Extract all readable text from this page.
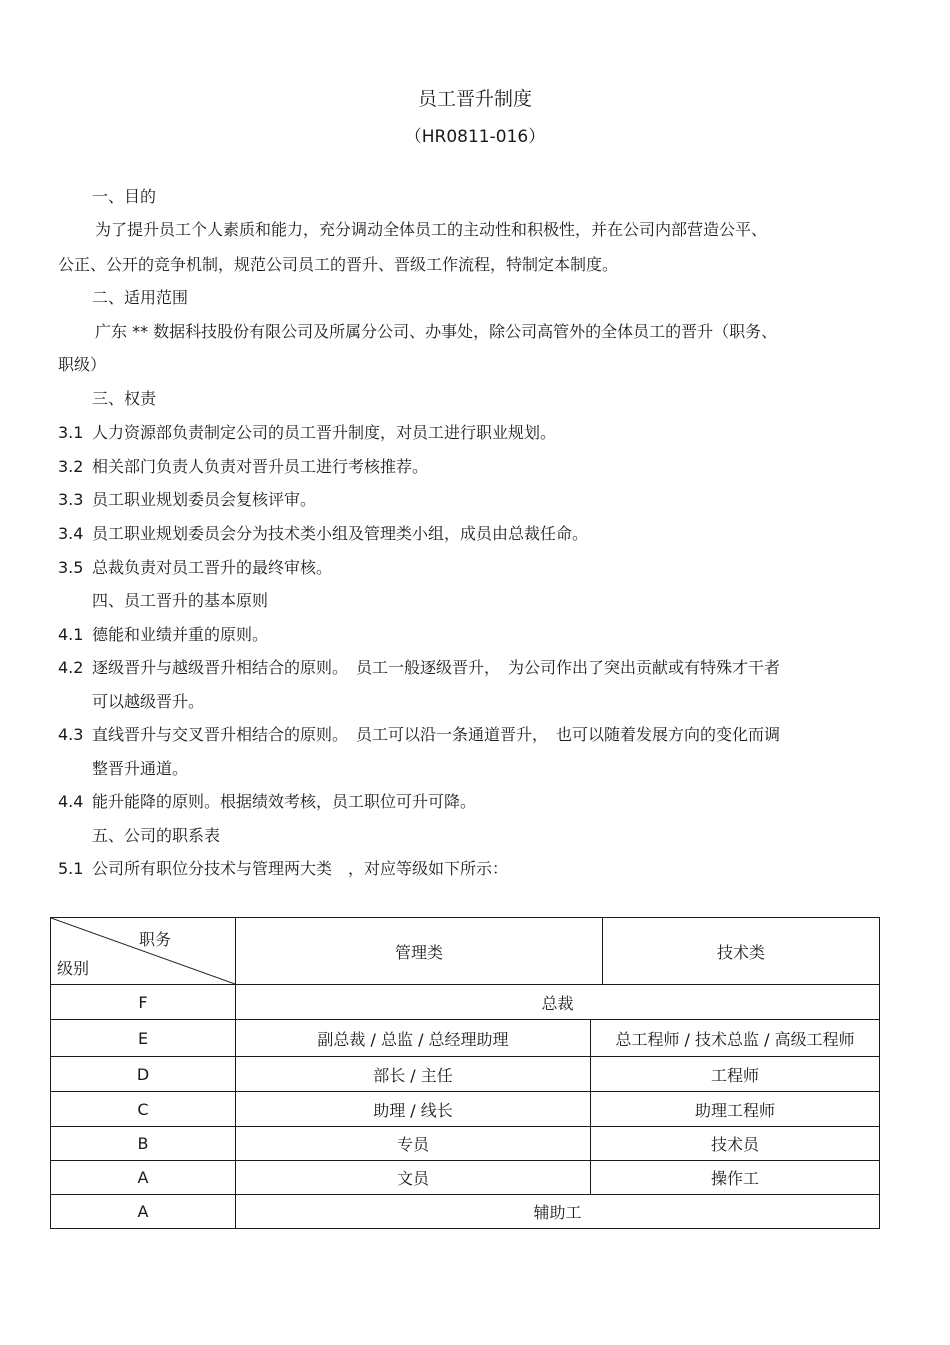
员工晋升制度
（HR0811-016）
一、目的
为了提升员工个人素质和能力，充分调动全体员工的主动性和积极性，并在公司内部营造公平、
公正、公开的竞争机制，规范公司员工的晋升、晋级工作流程，特制定本制度。
二、适用范围
广东 ** 数据科技股份有限公司及所属分公司、办事处，除公司高管外的全体员工的晋升（职务、
职级）
三、权责
3.1 人力资源部负责制定公司的员工晋升制度，对员工进行职业规划。
3.2 相关部门负责人负责对晋升员工进行考核推荐。
3.3 员工职业规划委员会复核评审。
3.4 员工职业规划委员会分为技术类小组及管理类小组，成员由总裁任命。
3.5 总裁负责对员工晋升的最终审核。
四、员工晋升的基本原则
4.1 德能和业绩并重的原则。
4.2 逐级晋升与越级晋升相结合的原则。　员工一般逐级晋升，　为公司作出了突出贡献或有特殊才干者
可以越级晋升。
4.3 直线晋升与交叉晋升相结合的原则。　员工可以沿一条通道晋升，　也可以随着发展方向的变化而调
整晋升通道。
4.4 能升能降的原则。根据绩效考核，员工职位可升可降。
五、公司的职系表
5.1 公司所有职位分技术与管理两大类　，对应等级如下所示：
职务
级别	管理类		技术类
F	总裁		
E	副总裁 / 总监 / 总经理助理	总工程师 / 技术总监 / 高级工程师	
D	部长 / 主任	工程师	
C	助理 / 线长	助理工程师	
B	专员	技术员	
A	文员	操作工	
A	辅助工		
